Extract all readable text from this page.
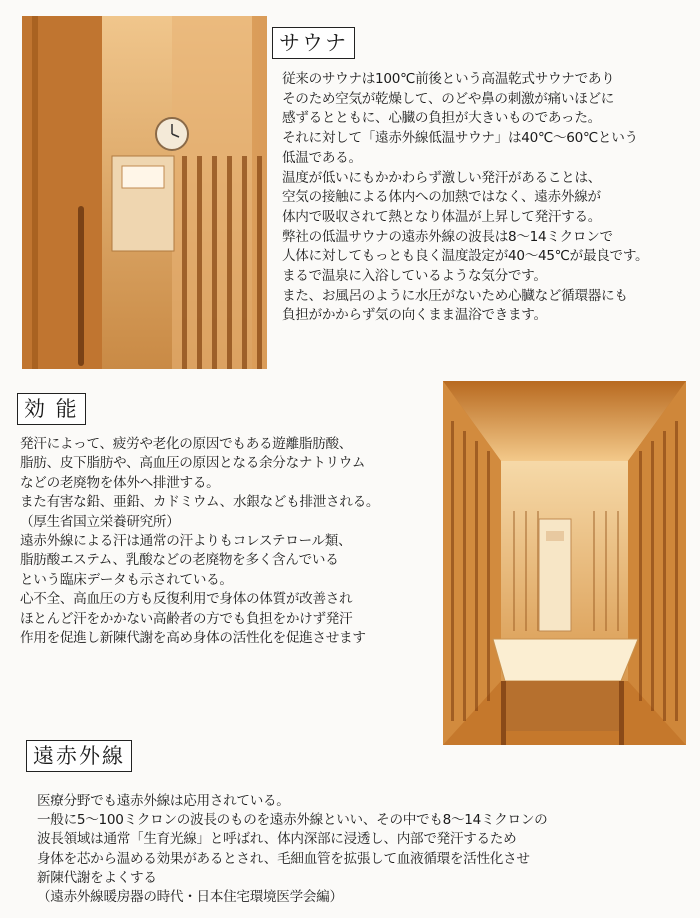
サウナ
従来のサウナは100℃前後という高温乾式サウナであり
そのため空気が乾燥して、のどや鼻の刺激が痛いほどに
感ずるとともに、心臓の負担が大きいものであった。
それに対して「遠赤外線低温サウナ」は40℃～60℃という
低温である。
温度が低いにもかかわらず激しい発汗があることは、
空気の接触による体内への加熱ではなく、遠赤外線が
体内で吸収されて熱となり体温が上昇して発汗する。
弊社の低温サウナの遠赤外線の波長は8～14ミクロンで
人体に対してもっとも良く温度設定が40～45℃が最良です。
まるで温泉に入浴しているような気分です。
また、お風呂のように水圧がないため心臓など循環器にも
負担がかからず気の向くまま温浴できます。
効 能
発汗によって、疲労や老化の原因でもある遊離脂肪酸、
脂肪、皮下脂肪や、高血圧の原因となる余分なナトリウム
などの老廃物を体外へ排泄する。
また有害な鉛、亜鉛、カドミウム、水銀なども排泄される。
（厚生省国立栄養研究所）
遠赤外線による汗は通常の汗よりもコレステロール類、
脂肪酸エステム、乳酸などの老廃物を多く含んでいる
という臨床データも示されている。
心不全、高血圧の方も反復利用で身体の体質が改善され
ほとんど汗をかかない高齢者の方でも負担をかけず発汗
作用を促進し新陳代謝を高め身体の活性化を促進させます
遠赤外線
医療分野でも遠赤外線は応用されている。
一般に5～100ミクロンの波長のものを遠赤外線といい、その中でも8～14ミクロンの
波長領域は通常「生育光線」と呼ばれ、体内深部に浸透し、内部で発汗するため
身体を芯から温める効果があるとされ、毛細血管を拡張して血液循環を活性化させ
新陳代謝をよくする
（遠赤外線暖房器の時代・日本住宅環境医学会編）
